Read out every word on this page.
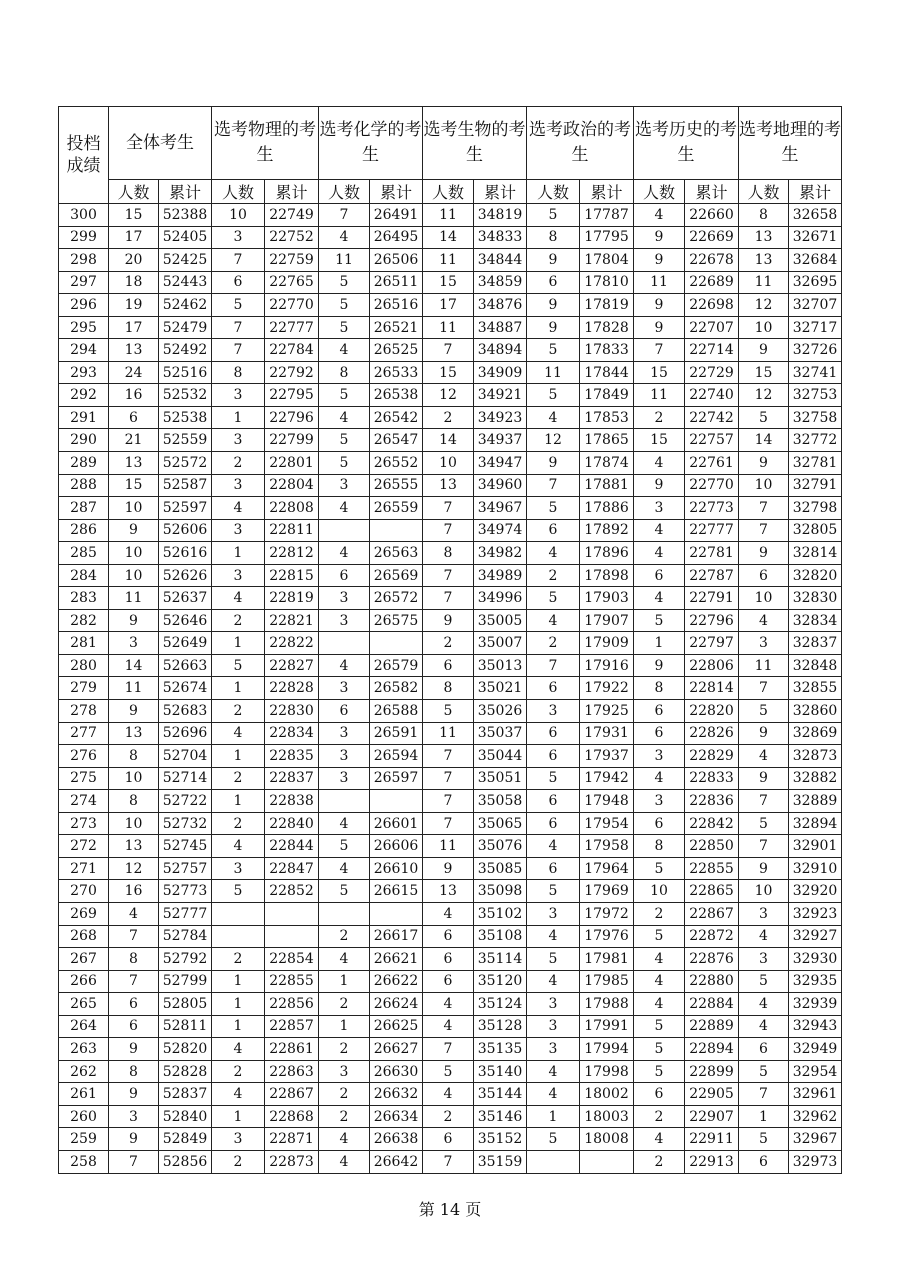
投档成绩	全体考生		选考物理的考生		选考化学的考生		选考生物的考生		选考政治的考生		选考历史的考生		选考地理的考生	
	人数	累计	人数	累计	人数	累计	人数	累计	人数	累计	人数	累计	人数	累计
300	15	52388	10	22749	7	26491	11	34819	5	17787	4	22660	8	32658
299	17	52405	3	22752	4	26495	14	34833	8	17795	9	22669	13	32671
298	20	52425	7	22759	11	26506	11	34844	9	17804	9	22678	13	32684
297	18	52443	6	22765	5	26511	15	34859	6	17810	11	22689	11	32695
296	19	52462	5	22770	5	26516	17	34876	9	17819	9	22698	12	32707
295	17	52479	7	22777	5	26521	11	34887	9	17828	9	22707	10	32717
294	13	52492	7	22784	4	26525	7	34894	5	17833	7	22714	9	32726
293	24	52516	8	22792	8	26533	15	34909	11	17844	15	22729	15	32741
292	16	52532	3	22795	5	26538	12	34921	5	17849	11	22740	12	32753
291	6	52538	1	22796	4	26542	2	34923	4	17853	2	22742	5	32758
290	21	52559	3	22799	5	26547	14	34937	12	17865	15	22757	14	32772
289	13	52572	2	22801	5	26552	10	34947	9	17874	4	22761	9	32781
288	15	52587	3	22804	3	26555	13	34960	7	17881	9	22770	10	32791
287	10	52597	4	22808	4	26559	7	34967	5	17886	3	22773	7	32798
286	9	52606	3	22811			7	34974	6	17892	4	22777	7	32805
285	10	52616	1	22812	4	26563	8	34982	4	17896	4	22781	9	32814
284	10	52626	3	22815	6	26569	7	34989	2	17898	6	22787	6	32820
283	11	52637	4	22819	3	26572	7	34996	5	17903	4	22791	10	32830
282	9	52646	2	22821	3	26575	9	35005	4	17907	5	22796	4	32834
281	3	52649	1	22822			2	35007	2	17909	1	22797	3	32837
280	14	52663	5	22827	4	26579	6	35013	7	17916	9	22806	11	32848
279	11	52674	1	22828	3	26582	8	35021	6	17922	8	22814	7	32855
278	9	52683	2	22830	6	26588	5	35026	3	17925	6	22820	5	32860
277	13	52696	4	22834	3	26591	11	35037	6	17931	6	22826	9	32869
276	8	52704	1	22835	3	26594	7	35044	6	17937	3	22829	4	32873
275	10	52714	2	22837	3	26597	7	35051	5	17942	4	22833	9	32882
274	8	52722	1	22838			7	35058	6	17948	3	22836	7	32889
273	10	52732	2	22840	4	26601	7	35065	6	17954	6	22842	5	32894
272	13	52745	4	22844	5	26606	11	35076	4	17958	8	22850	7	32901
271	12	52757	3	22847	4	26610	9	35085	6	17964	5	22855	9	32910
270	16	52773	5	22852	5	26615	13	35098	5	17969	10	22865	10	32920
269	4	52777					4	35102	3	17972	2	22867	3	32923
268	7	52784			2	26617	6	35108	4	17976	5	22872	4	32927
267	8	52792	2	22854	4	26621	6	35114	5	17981	4	22876	3	32930
266	7	52799	1	22855	1	26622	6	35120	4	17985	4	22880	5	32935
265	6	52805	1	22856	2	26624	4	35124	3	17988	4	22884	4	32939
264	6	52811	1	22857	1	26625	4	35128	3	17991	5	22889	4	32943
263	9	52820	4	22861	2	26627	7	35135	3	17994	5	22894	6	32949
262	8	52828	2	22863	3	26630	5	35140	4	17998	5	22899	5	32954
261	9	52837	4	22867	2	26632	4	35144	4	18002	6	22905	7	32961
260	3	52840	1	22868	2	26634	2	35146	1	18003	2	22907	1	32962
259	9	52849	3	22871	4	26638	6	35152	5	18008	4	22911	5	32967
258	7	52856	2	22873	4	26642	7	35159			2	22913	6	32973
第 14 页
